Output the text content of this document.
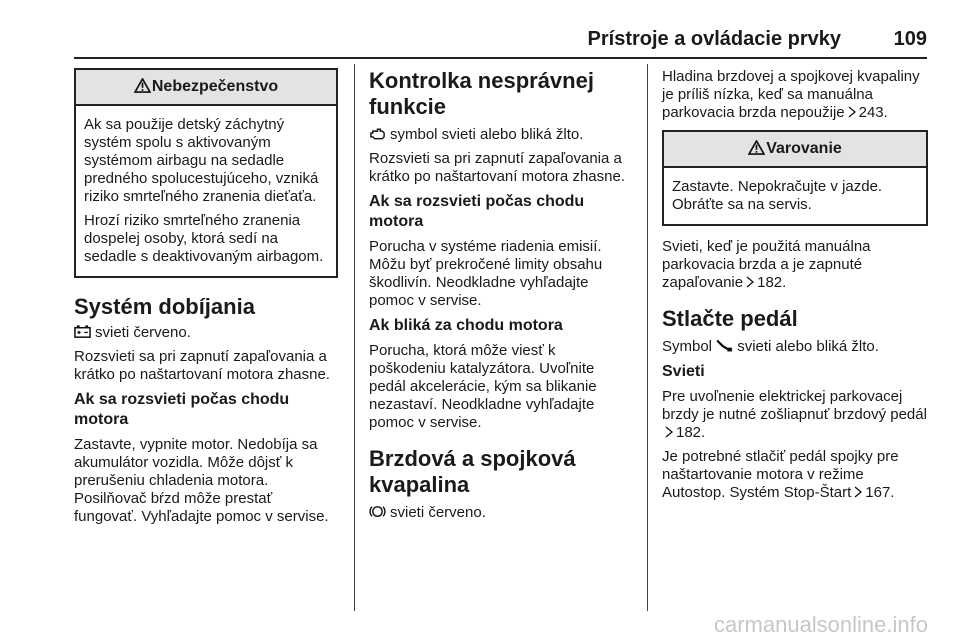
Prístroje a ovládacie prvky	109
Nebezpečenstvo

Ak sa použije detský záchytný systém spolu s aktivovaným systémom airbagu na sedadle predného spolucestujúceho, vzniká riziko smrteľného zranenia dieťaťa.

Hrozí riziko smrteľného zranenia dospelej osoby, ktorá sedí na sedadle s deaktivovaným airbagom.

Systém dobíjania

svieti červeno.

Rozsvieti sa pri zapnutí zapaľovania a krátko po naštartovaní motora zhasne.

Ak sa rozsvieti počas chodu motora

Zastavte, vypnite motor. Nedobíja sa akumulátor vozidla. Môže dôjsť k prerušeniu chladenia motora. Posilňovač bŕzd môže prestať fungovať. Vyhľadajte pomoc v servise.

Kontrolka nesprávnej funkcie

symbol svieti alebo bliká žlto.

Rozsvieti sa pri zapnutí zapaľovania a krátko po naštartovaní motora zhasne.

Ak sa rozsvieti počas chodu motora

Porucha v systéme riadenia emisií. Môžu byť prekročené limity obsahu škodlivín. Neodkladne vyhľadajte pomoc v servise.

Ak bliká za chodu motora

Porucha, ktorá môže viesť k poškodeniu katalyzátora. Uvoľnite pedál akcelerácie, kým sa blikanie nezastaví. Neodkladne vyhľadajte pomoc v servise.

Brzdová a spojková kvapalina

svieti červeno.

Hladina brzdovej a spojkovej kvapaliny je príliš nízka, keď sa manuálna parkovacia brzda nepoužije 243.

Varovanie

Zastavte. Nepokračujte v jazde. Obráťte sa na servis.

Svieti, keď je použitá manuálna parkovacia brzda a je zapnuté zapaľovanie 182.

Stlačte pedál

Symbol svieti alebo bliká žlto.

Svieti

Pre uvoľnenie elektrickej parkovacej brzdy je nutné zošliapnuť brzdový pedál182.

Je potrebné stlačiť pedál spojky pre naštartovanie motora v režime Autostop. Systém Stop-Štart 167.

carmanualsonline.info
